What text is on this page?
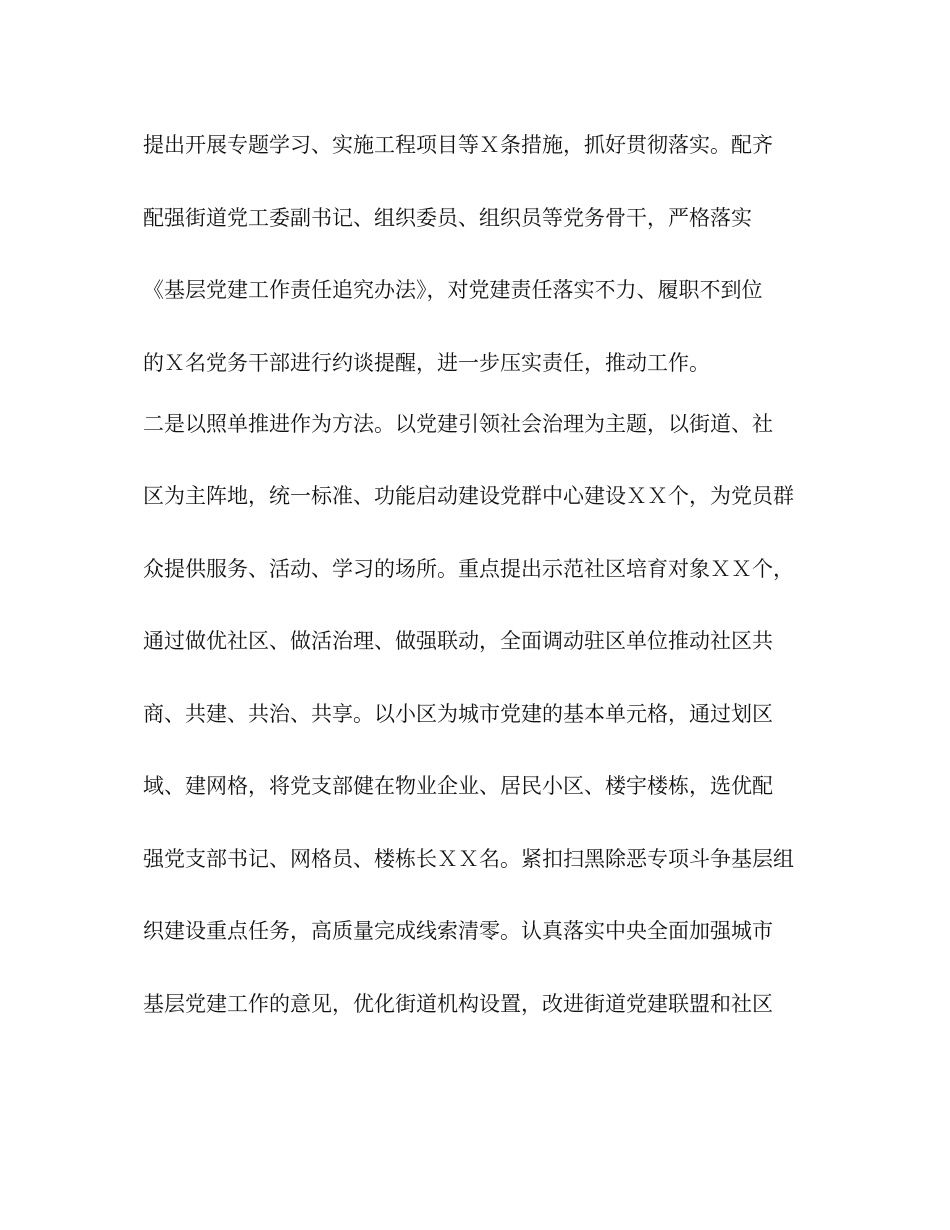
提出开展专题学习、实施工程项目等Ｘ条措施，抓好贯彻落实。配齐
配强街道党工委副书记、组织委员、组织员等党务骨干，严格落实
《基层党建工作责任追究办法》，对党建责任落实不力、履职不到位
的Ｘ名党务干部进行约谈提醒，进一步压实责任，推动工作。
二是以照单推进作为方法。以党建引领社会治理为主题，以街道、社
区为主阵地，统一标准、功能启动建设党群中心建设ＸＸ个，为党员群
众提供服务、活动、学习的场所。重点提出示范社区培育对象ＸＸ个，
通过做优社区、做活治理、做强联动，全面调动驻区单位推动社区共
商、共建、共治、共享。以小区为城市党建的基本单元格，通过划区
域、建网格，将党支部健在物业企业、居民小区、楼宇楼栋，选优配
强党支部书记、网格员、楼栋长ＸＸ名。紧扣扫黑除恶专项斗争基层组
织建设重点任务，高质量完成线索清零。认真落实中央全面加强城市
基层党建工作的意见，优化街道机构设置，改进街道党建联盟和社区
